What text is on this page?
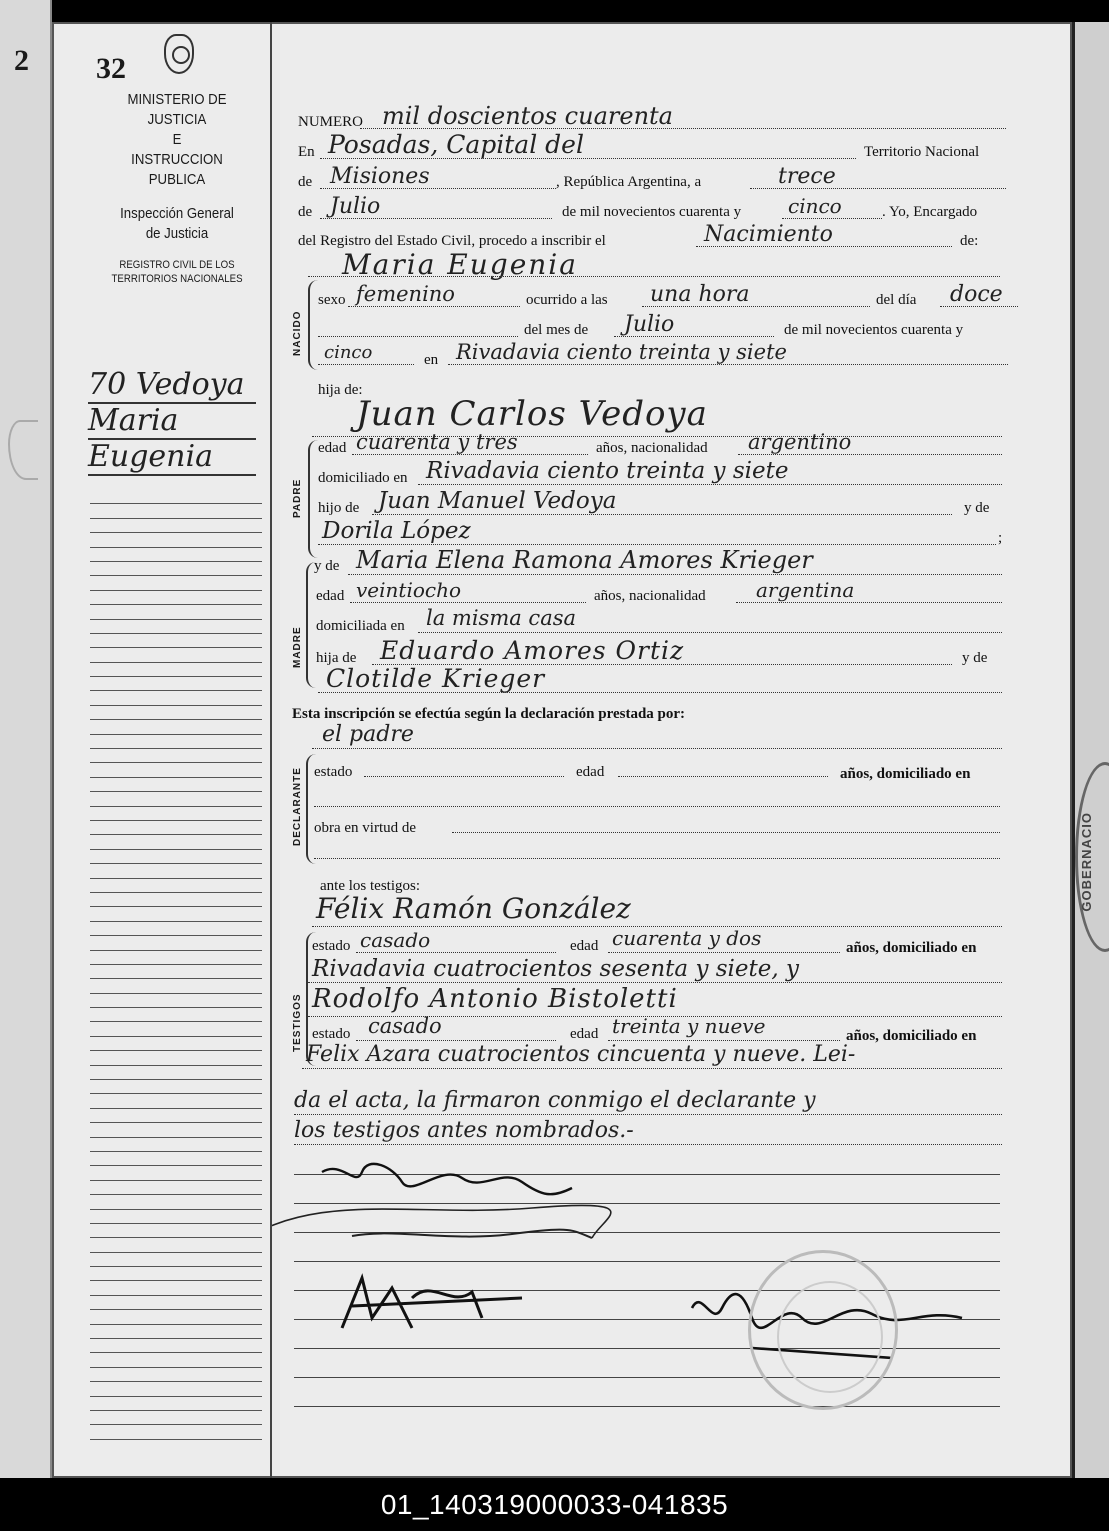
2
GOBERNACIO
32
MINISTERIO DE JUSTICIA
E
INSTRUCCION PUBLICA
Inspección General
de Justicia
REGISTRO CIVIL DE LOS
TERRITORIOS NACIONALES
70 Vedoya
Maria
Eugenia
NUMERO mil doscientos cuarenta
En Posadas, Capital del	Territorio Nacional
de Misiones	, República Argentina, a	trece
de Julio	de mil novecientos cuarenta y cinco	. Yo, Encargado
del Registro del Estado Civil, procedo a inscribir el	Nacimiento	de:
Maria Eugenia
NACIDO
sexo femenino	ocurrido a las una hora	del día doce
del mes de Julio	de mil novecientos cuarenta y
cinco	en Rivadavia ciento treinta y siete
hija de:
Juan Carlos Vedoya
PADRE
edad cuarenta y tres	años, nacionalidad argentino
domiciliado en Rivadavia ciento treinta y siete
hijo de Juan Manuel Vedoya	y de
Dorila López	;
y de Maria Elena Ramona Amores Krieger
MADRE
edad veintiocho	años, nacionalidad	argentina
domiciliada en la misma casa
hija de Eduardo Amores Ortiz	y de
Clotilde Krieger
Esta inscripción se efectúa según la declaración prestada por:
el padre
DECLARANTE estado	edad	años, domiciliado en
obra en virtud de
ante los testigos:
Félix Ramón González
TESTIGOS
estado casado	edad cuarenta y dos	años, domiciliado en
Rivadavia cuatrocientos sesenta y siete, y
Rodolfo Antonio Bistoletti
estado casado	edad treinta y nueve	años, domiciliado en
Felix Azara cuatrocientos cincuenta y nueve. Lei-
da el acta, la firmaron conmigo el declarante y
los testigos antes nombrados.-
01_140319000033-041835
